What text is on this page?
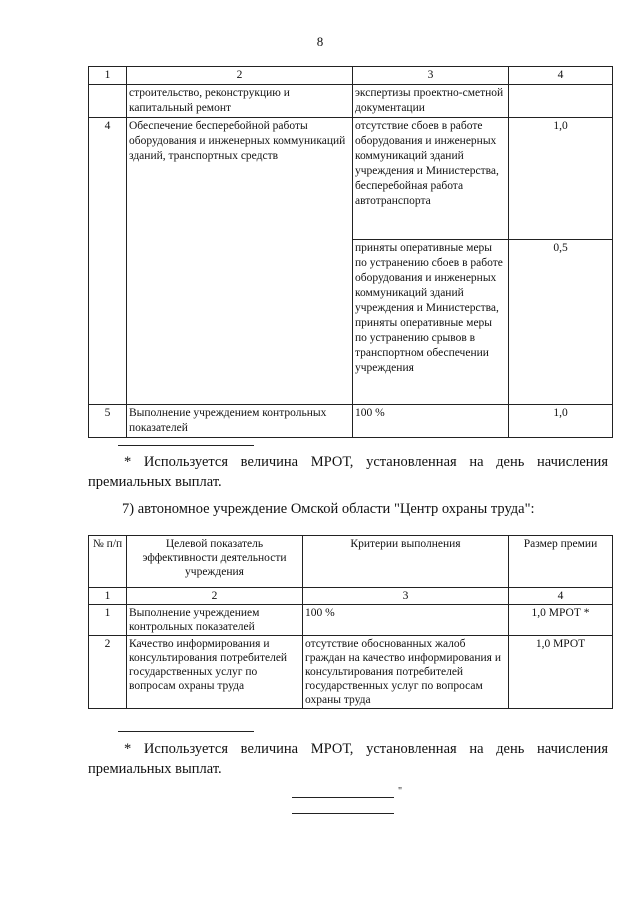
8
1	2	3	4
	строительство, реконструкцию и капитальный ремонт	экспертизы проектно-сметной документации	
4	Обеспечение бесперебойной работы оборудования и инженерных коммуникаций зданий, транспортных средств	отсутствие сбоев в работе оборудования и инженерных коммуникаций зданий учреждения и Министерства, бесперебойная работа автотранспорта	1,0
		приняты оперативные меры по устранению сбоев в работе оборудования и инженерных коммуникаций зданий учреждения и Министерства, приняты оперативные меры по устранению срывов в транспортном обеспечении учреждения	0,5
5	Выполнение учреждением контрольных показателей	100 %	1,0
* Используется величина МРОТ, установленная на день начисления
премиальных выплат.
7) автономное учреждение Омской области "Центр охраны труда":
№ п/п	Целевой показатель эффективности деятельности учреждения	Критерии выполнения	Размер премии
1	2	3	4
1	Выполнение учреждением контрольных показателей	100 %	1,0 МРОТ *
2	Качество информирования и консультирования потребителей государственных услуг по вопросам охраны труда	отсутствие обоснованных жалоб граждан на качество информирования и консультирования потребителей государственных услуг по вопросам охраны труда	1,0 МРОТ
* Используется величина МРОТ, установленная на день начисления
премиальных выплат.
"
